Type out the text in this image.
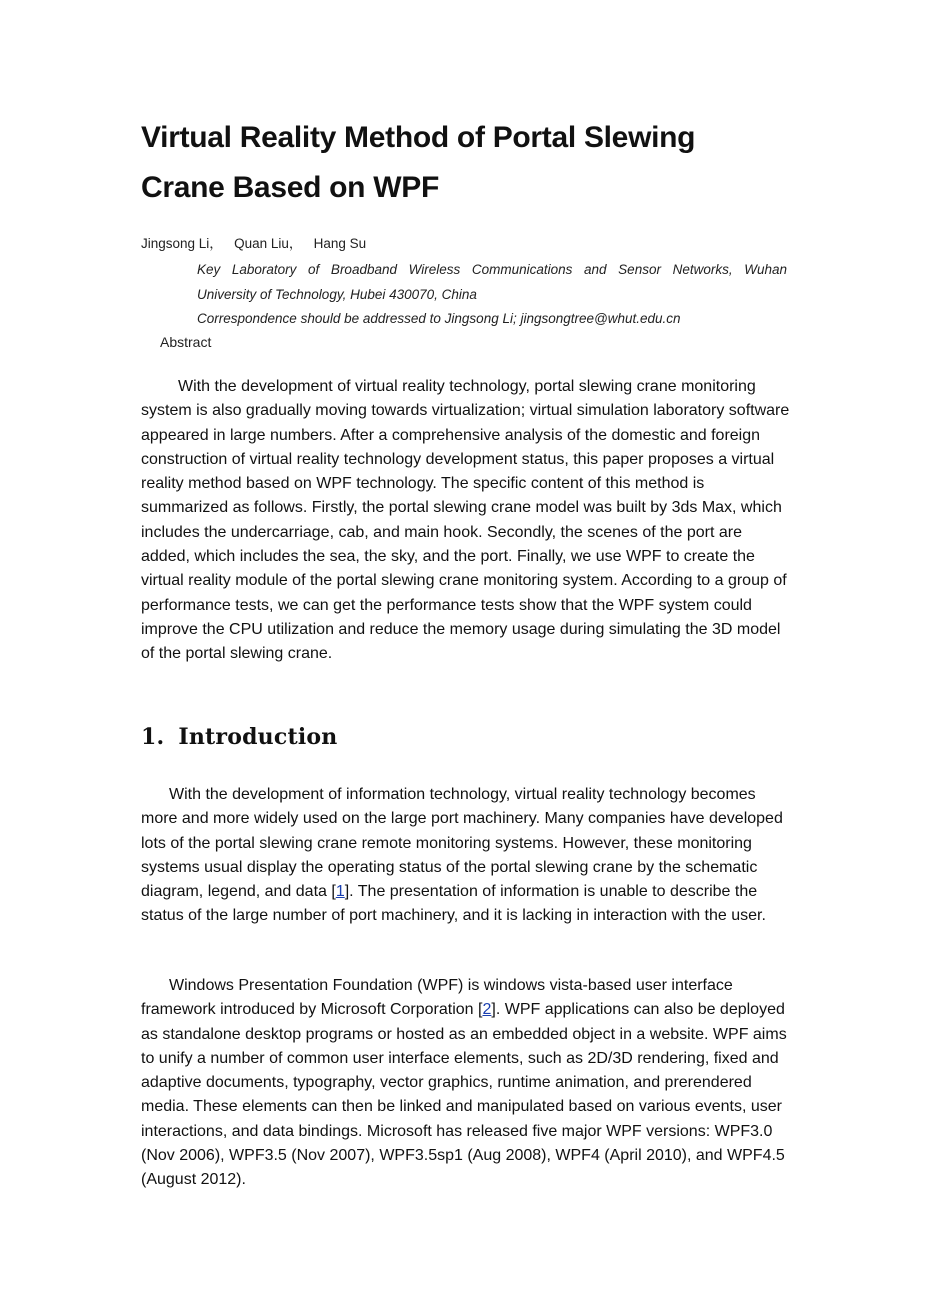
Virtual Reality Method of Portal Slewing
Crane Based on WPF
Jingsong Li， Quan Liu， Hang Su
Key Laboratory of Broadband Wireless Communications and Sensor Networks, Wuhan
University of Technology, Hubei 430070, China
Correspondence should be addressed to Jingsong Li; jingsongtree@whut.edu.cn
Abstract

With the development of virtual reality technology, portal slewing crane monitoring system is also gradually moving towards virtualization; virtual simulation laboratory software appeared in large numbers. After a comprehensive analysis of the domestic and foreign construction of virtual reality technology development status, this paper proposes a virtual reality method based on WPF technology. The specific content of this method is summarized as follows. Firstly, the portal slewing crane model was built by 3ds Max, which includes the undercarriage, cab, and main hook. Secondly, the scenes of the port are added, which includes the sea, the sky, and the port. Finally, we use WPF to create the virtual reality module of the portal slewing crane monitoring system. According to a group of performance tests, we can get the performance tests show that the WPF system could improve the CPU utilization and reduce the memory usage during simulating the 3D model of the portal slewing crane.

1. Introduction

With the development of information technology, virtual reality technology becomes more and more widely used on the large port machinery. Many companies have developed lots of the portal slewing crane remote monitoring systems. However, these monitoring systems usual display the operating status of the portal slewing crane by the schematic diagram, legend, and data [1]. The presentation of information is unable to describe the status of the large number of port machinery, and it is lacking in interaction with the user.

Windows Presentation Foundation (WPF) is windows vista-based user interface framework introduced by Microsoft Corporation [2]. WPF applications can also be deployed as standalone desktop programs or hosted as an embedded object in a website. WPF aims to unify a number of common user interface elements, such as 2D/3D rendering, fixed and adaptive documents, typography, vector graphics, runtime animation, and prerendered media. These elements can then be linked and manipulated based on various events, user interactions, and data bindings. Microsoft has released five major WPF versions: WPF3.0 (Nov 2006), WPF3.5 (Nov 2007), WPF3.5sp1 (Aug 2008), WPF4 (April 2010), and WPF4.5 (August 2012).
